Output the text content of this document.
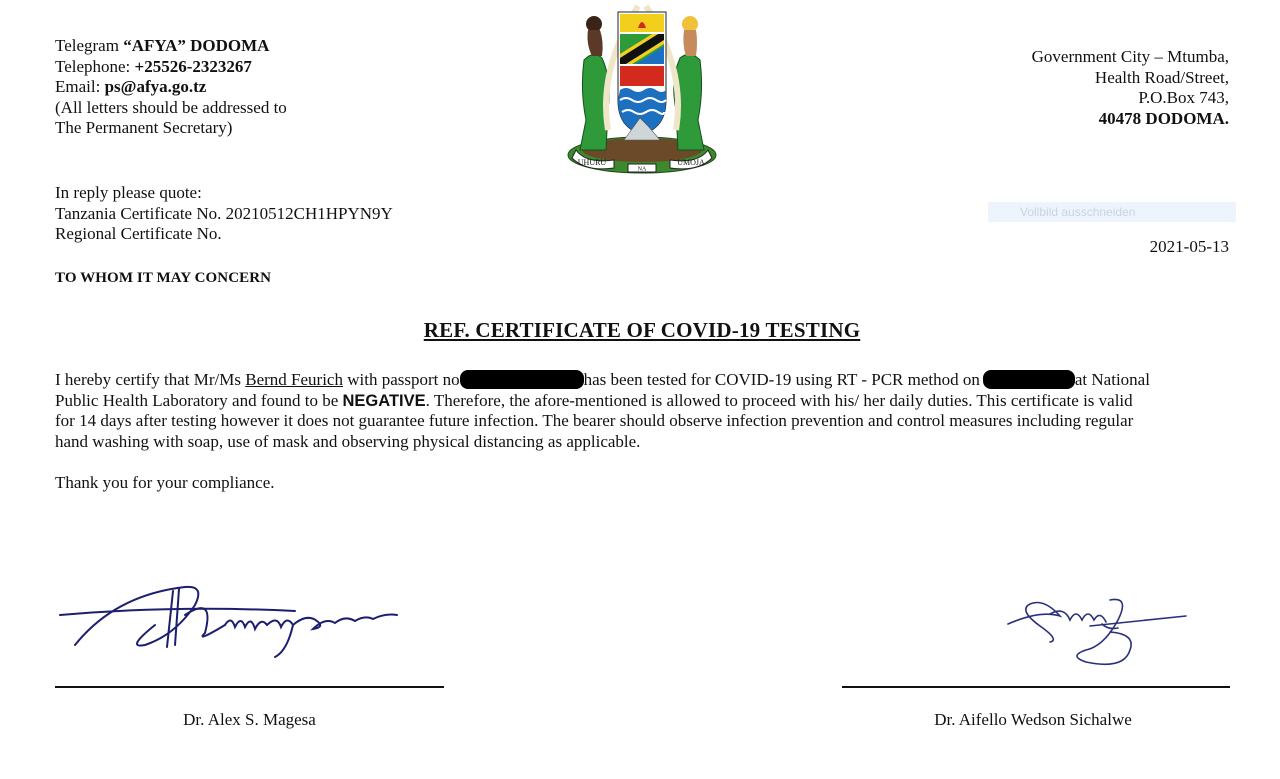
Telegram “AFYA” DODOMA
Telephone: +25526-2323267
Email: ps@afya.go.tz
(All letters should be addressed to
The Permanent Secretary)
UHURU
NA
UMOJA
Government City – Mtumba,
Health Road/Street,
P.O.Box 743,
40478 DODOMA.
In reply please quote:
Tanzania Certificate No. 20210512CH1HPYN9Y
Regional Certificate No.
Vollbild ausschneiden
2021-05-13
TO WHOM IT MAY CONCERN
REF. CERTIFICATE OF COVID-19 TESTING
I hereby certify that Mr/Ms Bernd Feurich with passport no	has been tested for COVID-19 using RT - PCR method on	at National
Public Health Laboratory and found to be NEGATIVE. Therefore, the afore-mentioned is allowed to proceed with his/ her daily duties. This certificate is valid
for 14 days after testing however it does not guarantee future infection. The bearer should observe infection prevention and control measures including regular
hand washing with soap, use of mask and observing physical distancing as applicable.
Thank you for your compliance.
Dr. Alex S. Magesa	Dr. Aifello Wedson Sichalwe
